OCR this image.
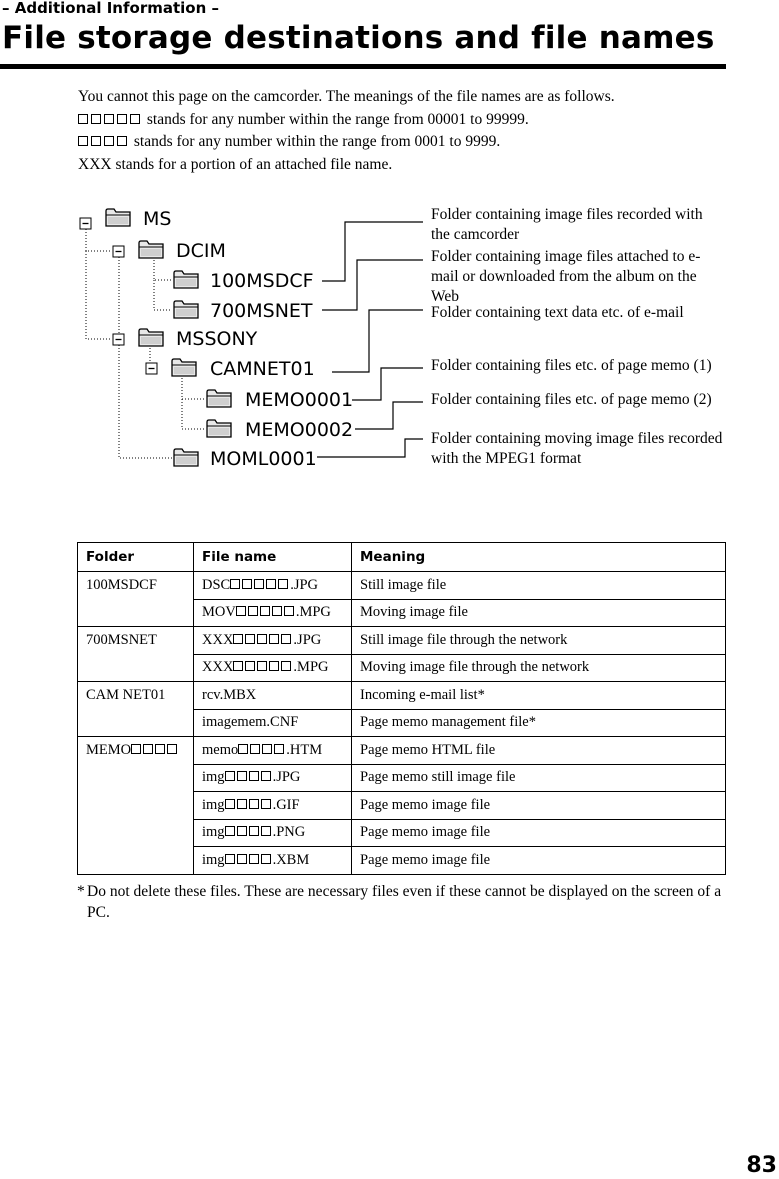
– Additional Information –
File storage destinations and file names

You cannot this page on the camcorder. The meanings of the file names are as follows.

stands for any number within the range from 00001 to 99999.

stands for any number within the range from 0001 to 9999.

XXX stands for a portion of an attached file name.

MS
DCIM
100MSDCF
700MSNET
MSSONY
CAMNET01
MEMO0001
MEMO0002
MOML0001
Folder containing image files recorded with the camcorder
Folder containing image files attached to e-mail or downloaded from the album on the Web
Folder containing text data etc. of e-mail
Folder containing files etc. of page memo (1)
Folder containing files etc. of page memo (2)
Folder containing moving image files recorded with the MPEG1 format
Folder	File name	Meaning
100MSDCF	DSC .JPG	Still image file
	MOV .MPG	Moving image file
700MSNET	XXX .JPG	Still image file through the network
	XXX .MPG	Moving image file through the network
CAM NET01	rcv.MBX	Incoming e-mail list*
	imagemem.CNF	Page memo management file*
MEMO	memo .HTM	Page memo HTML file
	img .JPG	Page memo still image file
	img .GIF	Page memo image file
	img .PNG	Page memo image file
	img .XBM	Page memo image file
* Do not delete these files. These are necessary files even if these cannot be displayed on the screen of a PC.
83
